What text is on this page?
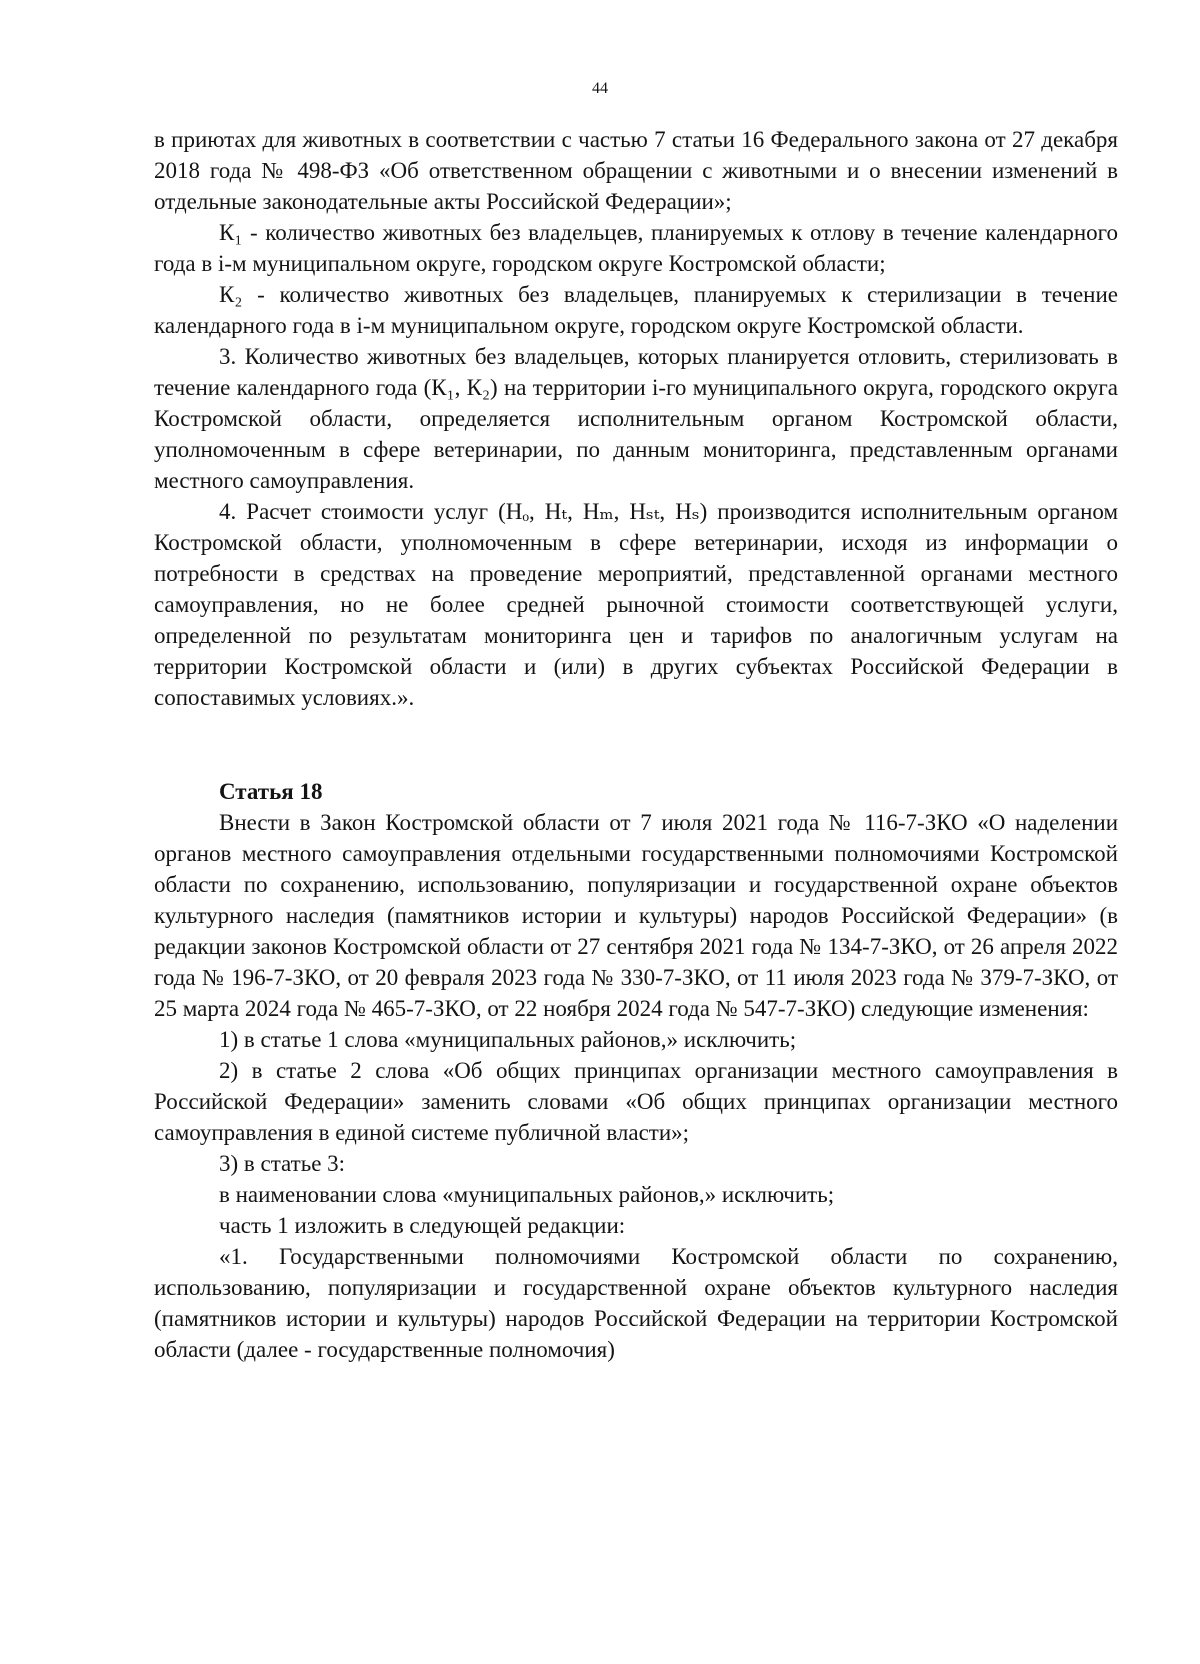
44

в приютах для животных в соответствии с частью 7 статьи 16 Федерального закона от 27 декабря 2018 года № 498-ФЗ «Об ответственном обращении с животными и о внесении изменений в отдельные законодательные акты Российской Федерации»;

К₁ - количество животных без владельцев, планируемых к отлову в течение календарного года в i-м муниципальном округе, городском округе Костромской области;

К₂ - количество животных без владельцев, планируемых к стерилизации в течение календарного года в i-м муниципальном округе, городском округе Костромской области.

3. Количество животных без владельцев, которых планируется отловить, стерилизовать в течение календарного года (К₁, К₂) на территории i-го муниципального округа, городского округа Костромской области, определяется исполнительным органом Костромской области, уполномоченным в сфере ветеринарии, по данным мониторинга, представленным органами местного самоуправления.

4. Расчет стоимости услуг (Нₒ, Нₜ, Нₘ, Нₛₜ, Нₛ) производится исполнительным органом Костромской области, уполномоченным в сфере ветеринарии, исходя из информации о потребности в средствах на проведение мероприятий, представленной органами местного самоуправления, но не более средней рыночной стоимости соответствующей услуги, определенной по результатам мониторинга цен и тарифов по аналогичным услугам на территории Костромской области и (или) в других субъектах Российской Федерации в сопоставимых условиях.».

Статья 18

Внести в Закон Костромской области от 7 июля 2021 года № 116-7-ЗКО «О наделении органов местного самоуправления отдельными государственными полномочиями Костромской области по сохранению, использованию, популяризации и государственной охране объектов культурного наследия (памятников истории и культуры) народов Российской Федерации» (в редакции законов Костромской области от 27 сентября 2021 года № 134-7-ЗКО, от 26 апреля 2022 года № 196-7-ЗКО, от 20 февраля 2023 года № 330-7-ЗКО, от 11 июля 2023 года № 379-7-ЗКО, от 25 марта 2024 года № 465-7-ЗКО, от 22 ноября 2024 года № 547-7-ЗКО) следующие изменения:

1) в статье 1 слова «муниципальных районов,» исключить;

2) в статье 2 слова «Об общих принципах организации местного самоуправления в Российской Федерации» заменить словами «Об общих принципах организации местного самоуправления в единой системе публичной власти»;

3) в статье 3:

в наименовании слова «муниципальных районов,» исключить;

часть 1 изложить в следующей редакции:

«1. Государственными полномочиями Костромской области по сохранению, использованию, популяризации и государственной охране объектов культурного наследия (памятников истории и культуры) народов Российской Федерации на территории Костромской области (далее - государственные полномочия)
